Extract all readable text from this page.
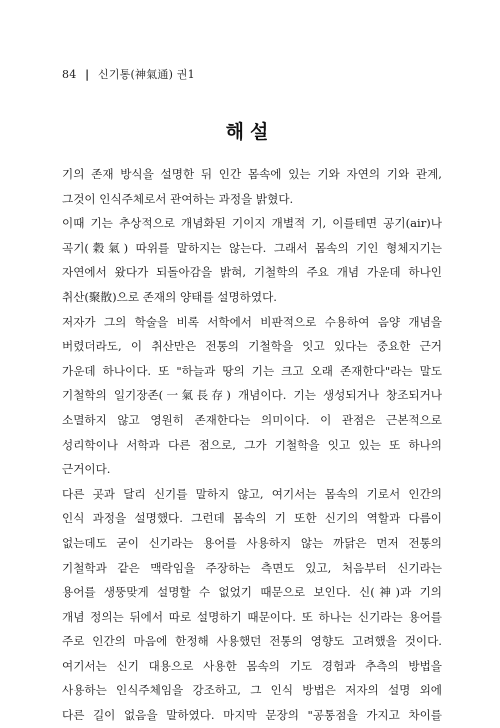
84 | 신기통(神氣通) 권1
해설
기의 존재 방식을 설명한 뒤 인간 몸속에 있는 기와 자연의 기와 관계,
그것이 인식주체로서 관여하는 과정을 밝혔다.
이때 기는 추상적으로 개념화된 기이지 개별적 기, 이를테면 공기(air)나
곡기(穀氣) 따위를 말하지는 않는다. 그래서 몸속의 기인 형체지기는
자연에서 왔다가 되돌아감을 밝혀, 기철학의 주요 개념 가운데 하나인
취산(聚散)으로 존재의 양태를 설명하였다.
저자가 그의 학술을 비록 서학에서 비판적으로 수용하여 음양 개념을
버렸더라도, 이 취산만은 전통의 기철학을 잇고 있다는 중요한 근거
가운데 하나이다. 또 "하늘과 땅의 기는 크고 오래 존재한다"라는 말도
기철학의 일기장존(一氣長存) 개념이다. 기는 생성되거나 창조되거나
소멸하지 않고 영원히 존재한다는 의미이다. 이 관점은 근본적으로
성리학이나 서학과 다른 점으로, 그가 기철학을 잇고 있는 또 하나의
근거이다.
다른 곳과 달리 신기를 말하지 않고, 여기서는 몸속의 기로서 인간의
인식 과정을 설명했다. 그런데 몸속의 기 또한 신기의 역할과 다름이
없는데도 굳이 신기라는 용어를 사용하지 않는 까닭은 먼저 전통의
기철학과 같은 맥락임을 주장하는 측면도 있고, 처음부터 신기라는
용어를 생뚱맞게 설명할 수 없었기 때문으로 보인다. 신(神)과 기의
개념 정의는 뒤에서 따로 설명하기 때문이다. 또 하나는 신기라는 용어를
주로 인간의 마음에 한정해 사용했던 전통의 영향도 고려했을 것이다.
여기서는 신기 대용으로 사용한 몸속의 기도 경험과 추측의 방법을
사용하는 인식주체임을 강조하고, 그 인식 방법은 저자의 설명 외에
다른 길이 없음을 말하였다. 마지막 문장의 "공통점을 가지고 차이를
